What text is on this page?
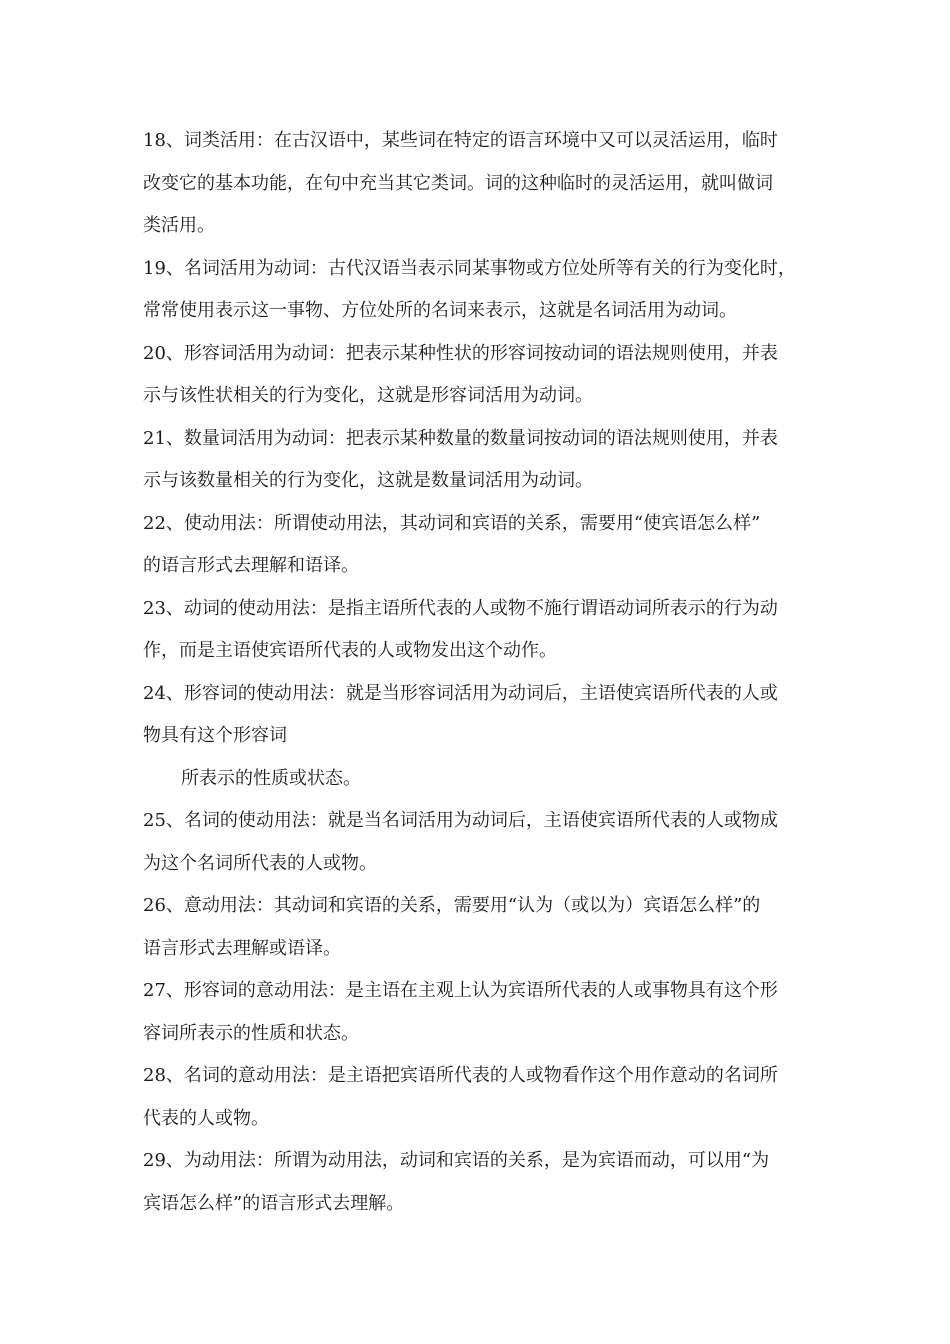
18、词类活用：在古汉语中，某些词在特定的语言环境中又可以灵活运用，临时
改变它的基本功能，在句中充当其它类词。词的这种临时的灵活运用，就叫做词
类活用。
19、名词活用为动词：古代汉语当表示同某事物或方位处所等有关的行为变化时，
常常使用表示这一事物、方位处所的名词来表示，这就是名词活用为动词。
20、形容词活用为动词：把表示某种性状的形容词按动词的语法规则使用，并表
示与该性状相关的行为变化，这就是形容词活用为动词。
21、数量词活用为动词：把表示某种数量的数量词按动词的语法规则使用，并表
示与该数量相关的行为变化，这就是数量词活用为动词。
22、使动用法：所谓使动用法，其动词和宾语的关系，需要用“使宾语怎么样”
的语言形式去理解和语译。
23、动词的使动用法：是指主语所代表的人或物不施行谓语动词所表示的行为动
作，而是主语使宾语所代表的人或物发出这个动作。
24、形容词的使动用法：就是当形容词活用为动词后，主语使宾语所代表的人或
物具有这个形容词
所表示的性质或状态。
25、名词的使动用法：就是当名词活用为动词后，主语使宾语所代表的人或物成
为这个名词所代表的人或物。
26、意动用法：其动词和宾语的关系，需要用“认为（或以为）宾语怎么样”的
语言形式去理解或语译。
27、形容词的意动用法：是主语在主观上认为宾语所代表的人或事物具有这个形
容词所表示的性质和状态。
28、名词的意动用法：是主语把宾语所代表的人或物看作这个用作意动的名词所
代表的人或物。
29、为动用法：所谓为动用法，动词和宾语的关系，是为宾语而动，可以用“为
宾语怎么样”的语言形式去理解。
